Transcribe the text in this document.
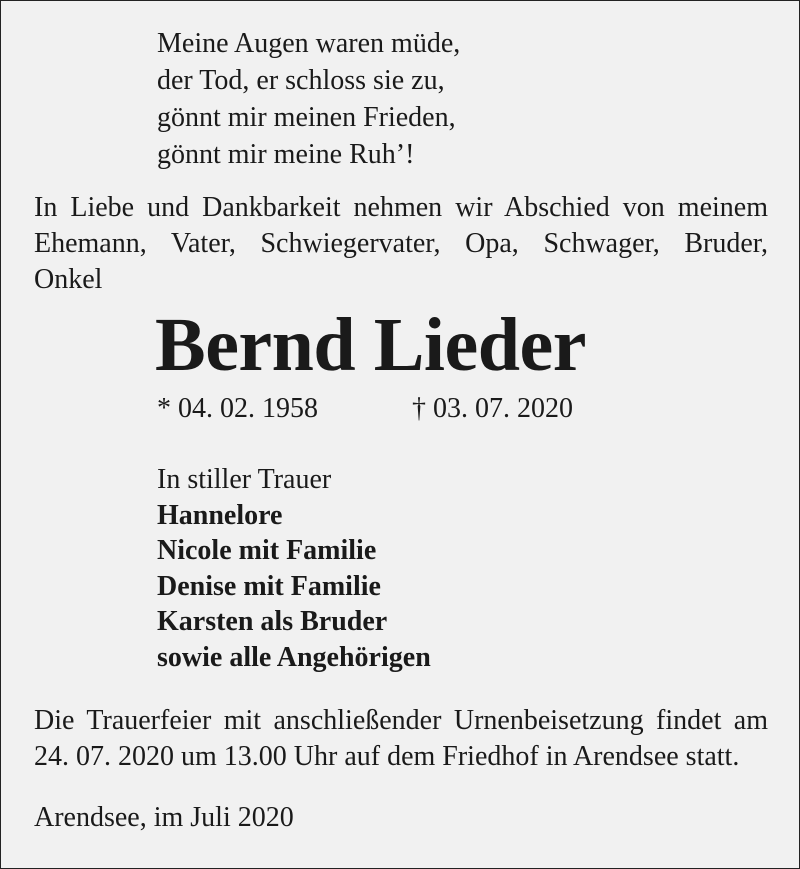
Meine Augen waren müde,
der Tod, er schloss sie zu,
gönnt mir meinen Frieden,
gönnt mir meine Ruh’!
In Liebe und Dankbarkeit nehmen wir Abschied von meinem
Ehemann, Vater, Schwiegervater, Opa, Schwager, Bruder,
Onkel
Bernd Lieder
* 04. 02. 1958	† 03. 07. 2020
In stiller Trauer
Hannelore
Nicole mit Familie
Denise mit Familie
Karsten als Bruder
sowie alle Angehörigen
Die Trauerfeier mit anschließender Urnenbeisetzung findet am
24. 07. 2020 um 13.00 Uhr auf dem Friedhof in Arendsee statt.
Arendsee, im Juli 2020
